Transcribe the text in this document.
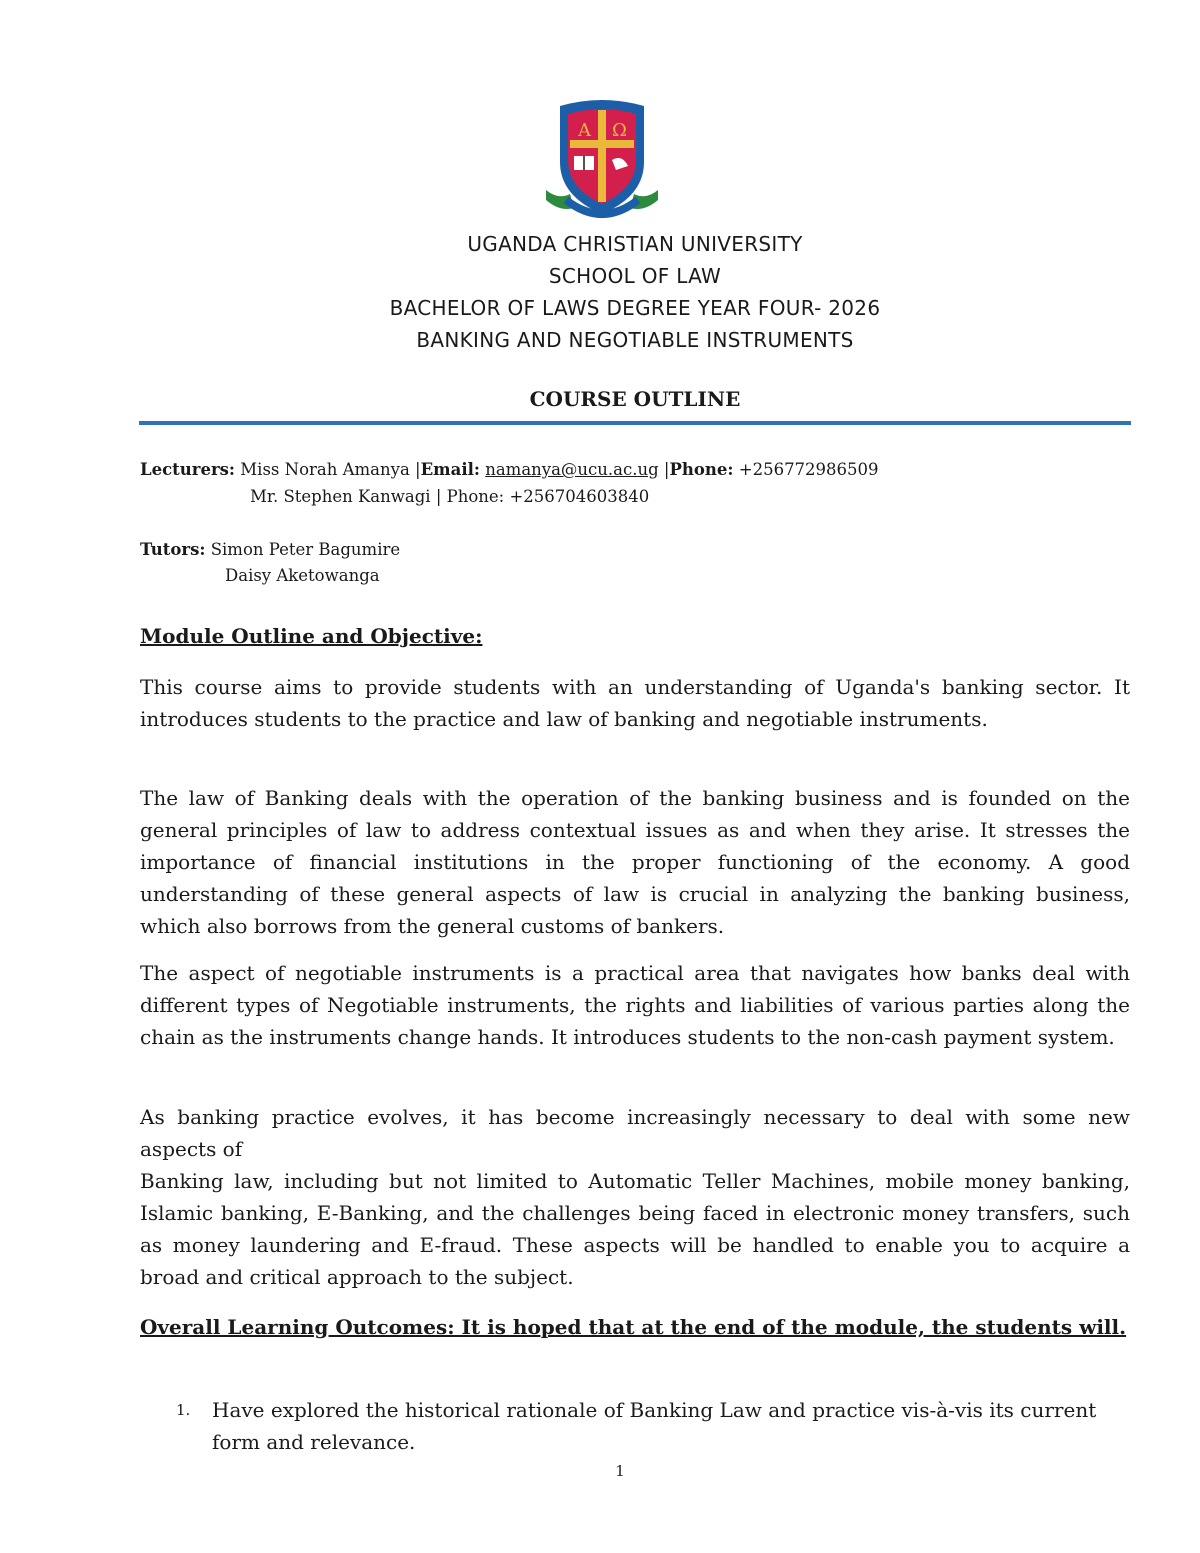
A Ω
UGANDA CHRISTIAN UNIVERSITY
SCHOOL OF LAW
BACHELOR OF LAWS DEGREE YEAR FOUR- 2026
BANKING AND NEGOTIABLE INSTRUMENTS
COURSE OUTLINE
Lecturers: Miss Norah Amanya |Email: namanya@ucu.ac.ug |Phone: +256772986509
Mr. Stephen Kanwagi | Phone: +256704603840
Tutors: Simon Peter Bagumire
Daisy Aketowanga
Module Outline and Objective:
This course aims to provide students with an understanding of Uganda's banking sector. It introduces students to the practice and law of banking and negotiable instruments.
The law of Banking deals with the operation of the banking business and is founded on the general principles of law to address contextual issues as and when they arise. It stresses the importance of financial institutions in the proper functioning of the economy. A good understanding of these general aspects of law is crucial in analyzing the banking business, which also borrows from the general customs of bankers.
The aspect of negotiable instruments is a practical area that navigates how banks deal with different types of Negotiable instruments, the rights and liabilities of various parties along the chain as the instruments change hands. It introduces students to the non-cash payment system.
As banking practice evolves, it has become increasingly necessary to deal with some new aspects of
Banking law, including but not limited to Automatic Teller Machines, mobile money banking, Islamic banking, E-Banking, and the challenges being faced in electronic money transfers, such as money laundering and E-fraud. These aspects will be handled to enable you to acquire a broad and critical approach to the subject.
Overall Learning Outcomes: It is hoped that at the end of the module, the students will.
1. Have explored the historical rationale of Banking Law and practice vis-à-vis its current form and relevance.
1
